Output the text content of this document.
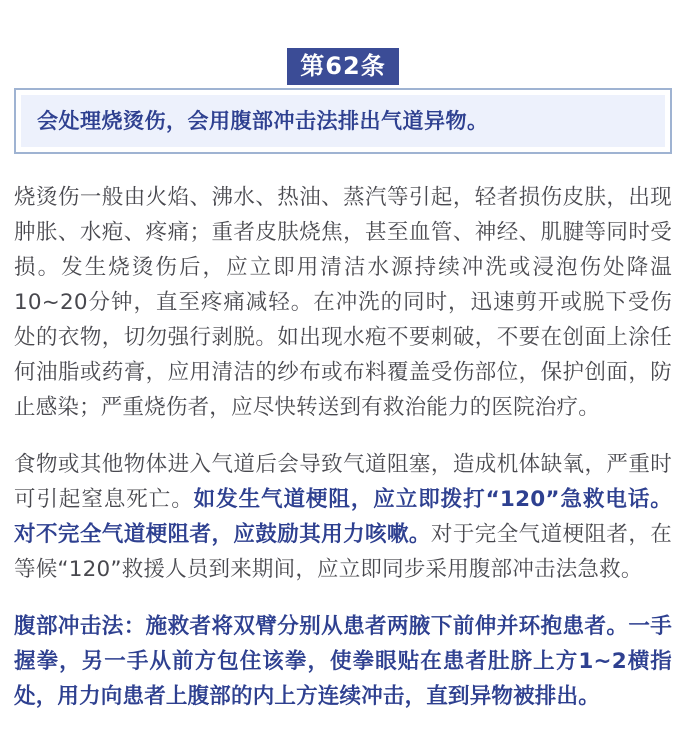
第62条
会处理烧烫伤，会用腹部冲击法排出气道异物。

烧烫伤一般由火焰、沸水、热油、蒸汽等引起，轻者损伤皮肤，出现肿胀、水疱、疼痛；重者皮肤烧焦，甚至血管、神经、肌腱等同时受损。发生烧烫伤后，应立即用清洁水源持续冲洗或浸泡伤处降温 10~20分钟，直至疼痛减轻。在冲洗的同时，迅速剪开或脱下受伤处的衣物，切勿强行剥脱。如出现水疱不要刺破，不要在创面上涂任何油脂或药膏，应用清洁的纱布或布料覆盖受伤部位，保护创面，防止感染；严重烧伤者，应尽快转送到有救治能力的医院治疗。

食物或其他物体进入气道后会导致气道阻塞，造成机体缺氧，严重时可引起窒息死亡。如发生气道梗阻，应立即拨打“120”急救电话。对不完全气道梗阻者，应鼓励其用力咳嗽。对于完全气道梗阻者，在等候“120”救援人员到来期间，应立即同步采用腹部冲击法急救。

腹部冲击法：施救者将双臂分别从患者两腋下前伸并环抱患者。一手握拳，另一手从前方包住该拳，使拳眼贴在患者肚脐上方1~2横指处，用力向患者上腹部的内上方连续冲击，直到异物被排出。
